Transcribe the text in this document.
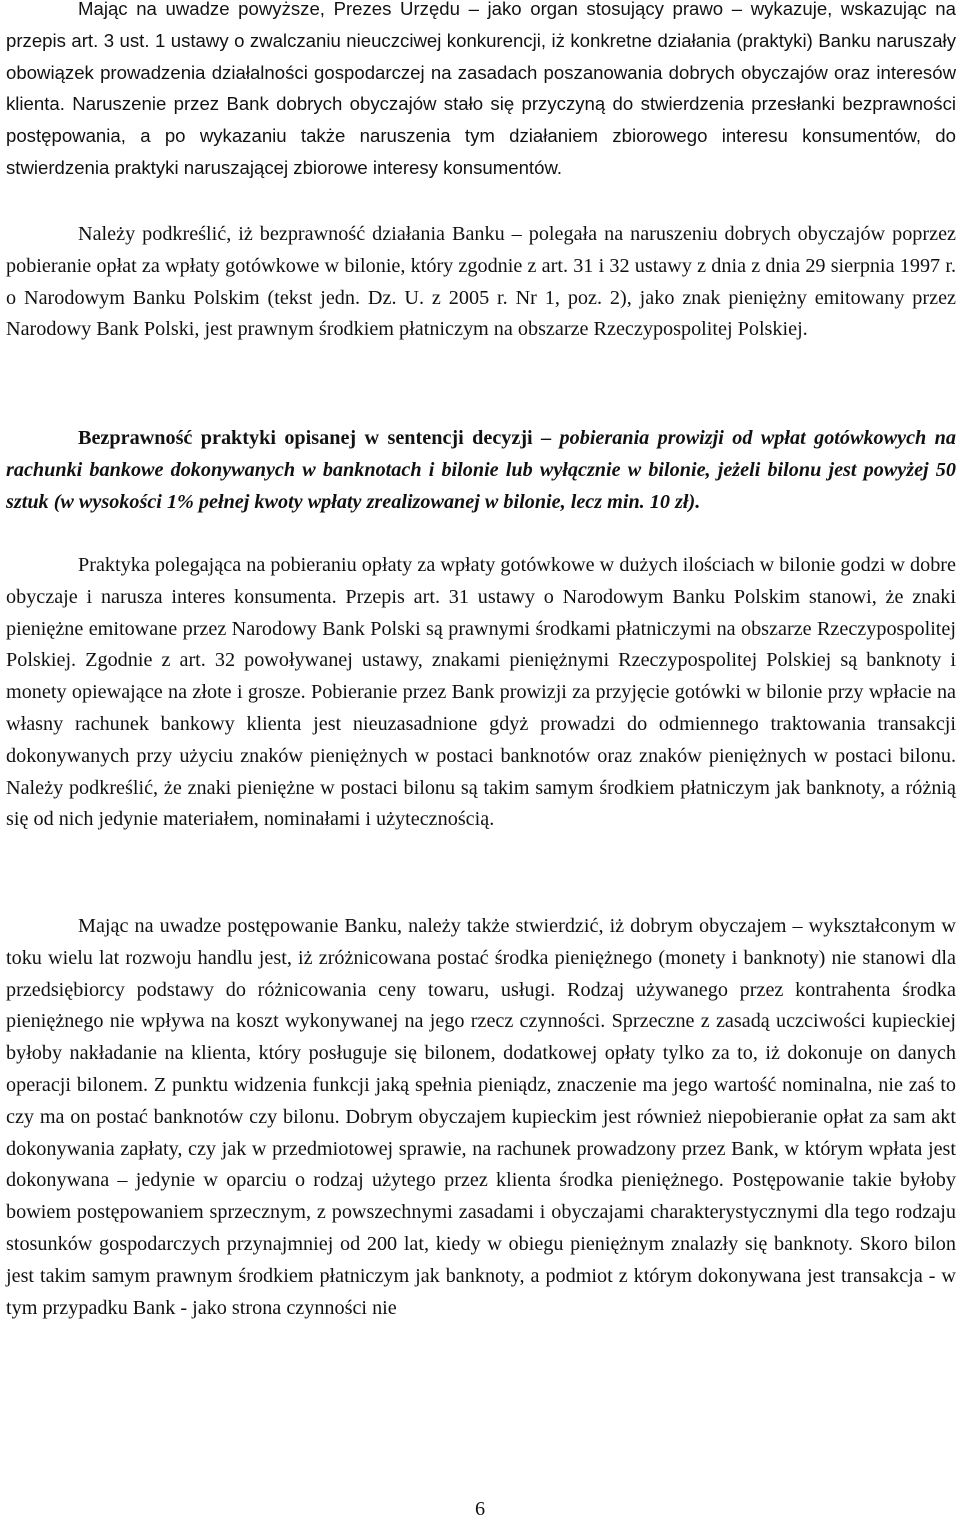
Mając na uwadze powyższe, Prezes Urzędu – jako organ stosujący prawo – wykazuje, wskazując na przepis art. 3 ust. 1 ustawy o zwalczaniu nieuczciwej konkurencji, iż konkretne działania (praktyki) Banku naruszały obowiązek prowadzenia działalności gospodarczej na zasadach poszanowania dobrych obyczajów oraz interesów klienta. Naruszenie przez Bank dobrych obyczajów stało się przyczyną do stwierdzenia przesłanki bezprawności postępowania, a po wykazaniu także naruszenia tym działaniem zbiorowego interesu konsumentów, do stwierdzenia praktyki naruszającej zbiorowe interesy konsumentów.

Należy podkreślić, iż bezprawność działania Banku – polegała na naruszeniu dobrych obyczajów poprzez pobieranie opłat za wpłaty gotówkowe w bilonie, który zgodnie z art. 31 i 32 ustawy z dnia z dnia 29 sierpnia 1997 r. o Narodowym Banku Polskim (tekst jedn. Dz. U. z 2005 r. Nr 1, poz. 2), jako znak pieniężny emitowany przez Narodowy Bank Polski, jest prawnym środkiem płatniczym na obszarze Rzeczypospolitej Polskiej.

Bezprawność praktyki opisanej w sentencji decyzji – pobierania prowizji od wpłat gotówkowych na rachunki bankowe dokonywanych w banknotach i bilonie lub wyłącznie w bilonie, jeżeli bilonu jest powyżej 50 sztuk (w wysokości 1% pełnej kwoty wpłaty zrealizowanej w bilonie, lecz min. 10 zł).

Praktyka polegająca na pobieraniu opłaty za wpłaty gotówkowe w dużych ilościach w bilonie godzi w dobre obyczaje i narusza interes konsumenta. Przepis art. 31 ustawy o Narodowym Banku Polskim stanowi, że znaki pieniężne emitowane przez Narodowy Bank Polski są prawnymi środkami płatniczymi na obszarze Rzeczypospolitej Polskiej. Zgodnie z art. 32 powoływanej ustawy, znakami pieniężnymi Rzeczypospolitej Polskiej są banknoty i monety opiewające na złote i grosze. Pobieranie przez Bank prowizji za przyjęcie gotówki w bilonie przy wpłacie na własny rachunek bankowy klienta jest nieuzasadnione gdyż prowadzi do odmiennego traktowania transakcji dokonywanych przy użyciu znaków pieniężnych w postaci banknotów oraz znaków pieniężnych w postaci bilonu. Należy podkreślić, że znaki pieniężne w postaci bilonu są takim samym środkiem płatniczym jak banknoty, a różnią się od nich jedynie materiałem, nominałami i użytecznością.

Mając na uwadze postępowanie Banku, należy także stwierdzić, iż dobrym obyczajem – wykształconym w toku wielu lat rozwoju handlu jest, iż zróżnicowana postać środka pieniężnego (monety i banknoty) nie stanowi dla przedsiębiorcy podstawy do różnicowania ceny towaru, usługi. Rodzaj używanego przez kontrahenta środka pieniężnego nie wpływa na koszt wykonywanej na jego rzecz czynności. Sprzeczne z zasadą uczciwości kupieckiej byłoby nakładanie na klienta, który posługuje się bilonem, dodatkowej opłaty tylko za to, iż dokonuje on danych operacji bilonem. Z punktu widzenia funkcji jaką spełnia pieniądz, znaczenie ma jego wartość nominalna, nie zaś to czy ma on postać banknotów czy bilonu. Dobrym obyczajem kupieckim jest również niepobieranie opłat za sam akt dokonywania zapłaty, czy jak w przedmiotowej sprawie, na rachunek prowadzony przez Bank, w którym wpłata jest dokonywana – jedynie w oparciu o rodzaj użytego przez klienta środka pieniężnego. Postępowanie takie byłoby bowiem postępowaniem sprzecznym, z powszechnymi zasadami i obyczajami charakterystycznymi dla tego rodzaju stosunków gospodarczych przynajmniej od 200 lat, kiedy w obiegu pieniężnym znalazły się banknoty. Skoro bilon jest takim samym prawnym środkiem płatniczym jak banknoty, a podmiot z którym dokonywana jest transakcja - w tym przypadku Bank - jako strona czynności nie

6
